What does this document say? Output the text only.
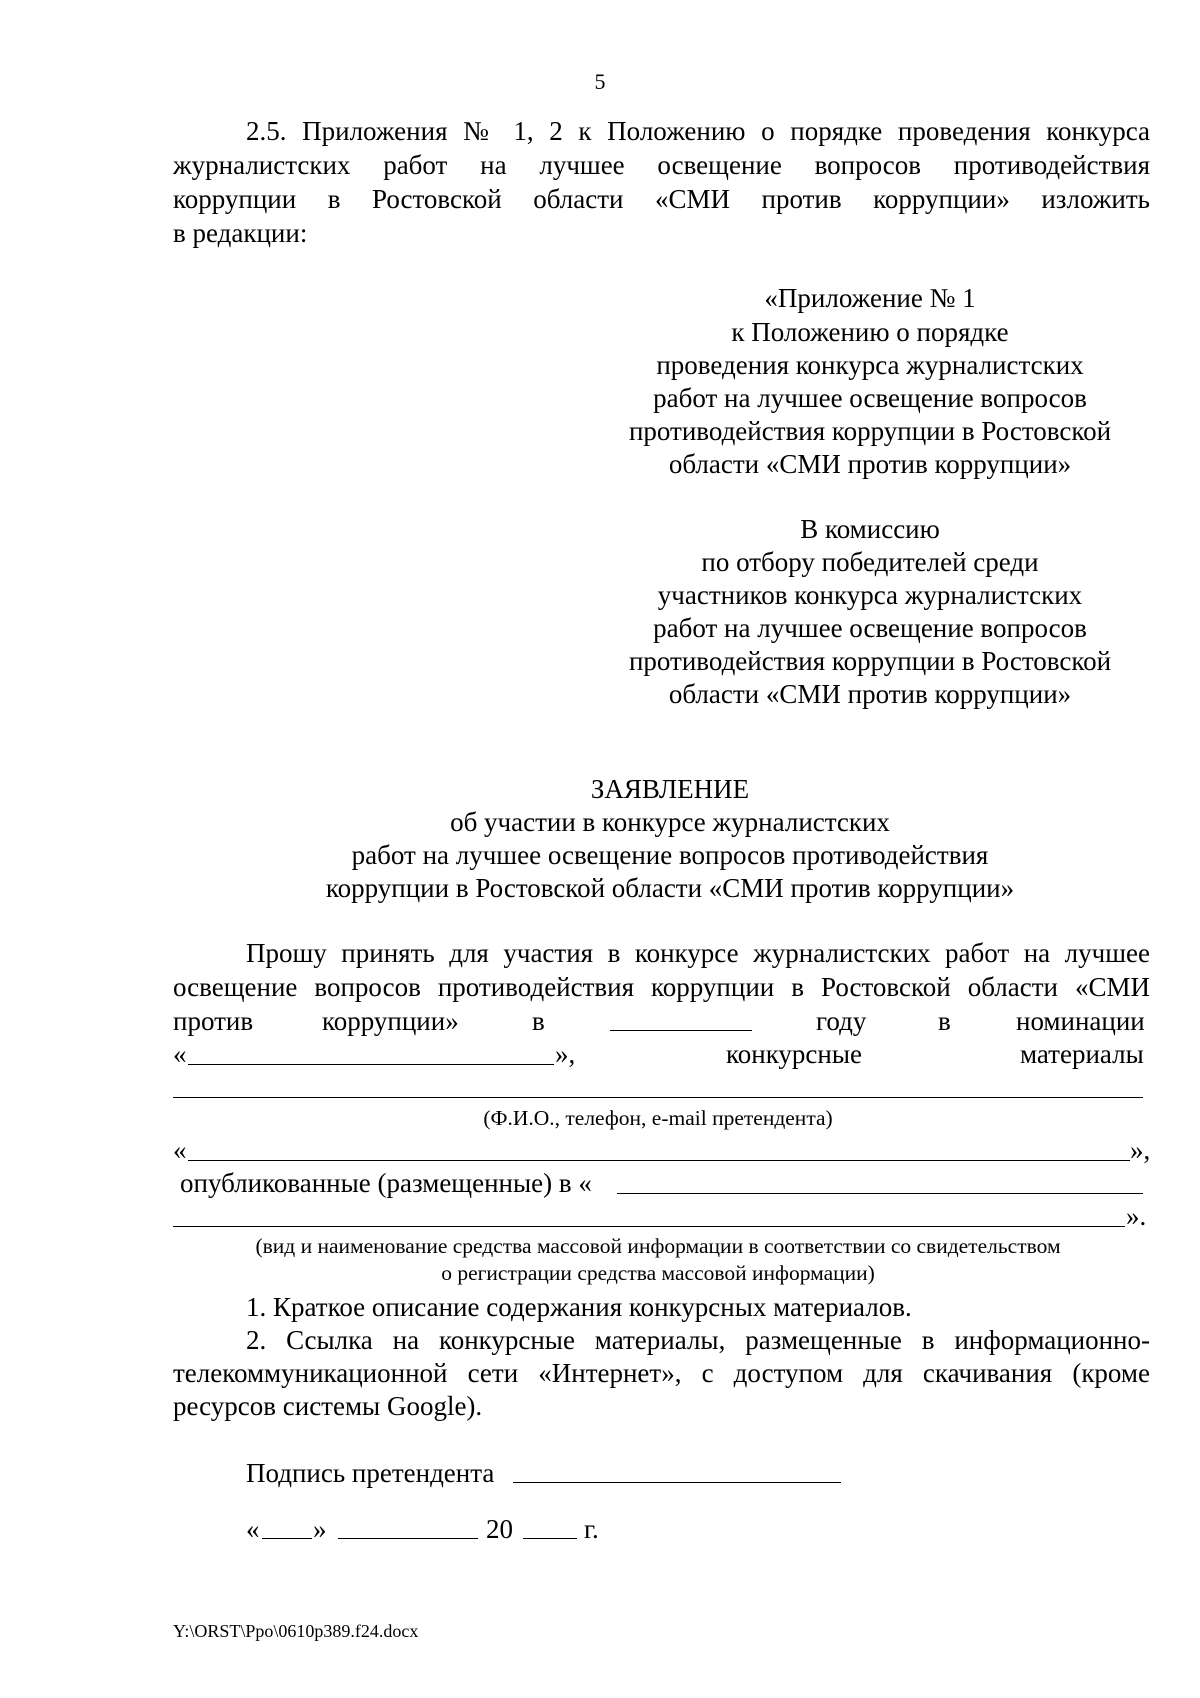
5
2.5. Приложения № 1, 2 к Положению о порядке проведения конкурса
журналистских работ на лучшее освещение вопросов противодействия
коррупции в Ростовской области «СМИ против коррупции» изложить
в редакции:
«Приложение № 1
к Положению о порядке
проведения конкурса журналистских
работ на лучшее освещение вопросов
противодействия коррупции в Ростовской
области «СМИ против коррупции»
В комиссию
по отбору победителей среди
участников конкурса журналистских
работ на лучшее освещение вопросов
противодействия коррупции в Ростовской
области «СМИ против коррупции»
ЗАЯВЛЕНИЕ
об участии в конкурсе журналистских
работ на лучшее освещение вопросов противодействия
коррупции в Ростовской области «СМИ против коррупции»
Прошу принять для участия в конкурсе журналистских работ на лучшее
освещение вопросов противодействия коррупции в Ростовской области «СМИ
против	коррупции»	в	году	в номинации
«	»,	конкурсные	материалы
(Ф.И.О., телефон, e-mail претендента)
«	»,
опубликованные (размещенные) в «
».
(вид и наименование средства массовой информации в соответствии со свидетельством
о регистрации средства массовой информации)
1. Краткое описание содержания конкурсных материалов.
2. Ссылка на конкурсные материалы, размещенные в информационно-
телекоммуникационной сети «Интернет», с доступом для скачивания (кроме
ресурсов системы Google).
Подпись претендента
« »	20	г.
Y:\ORST\Ppo\0610p389.f24.docx
